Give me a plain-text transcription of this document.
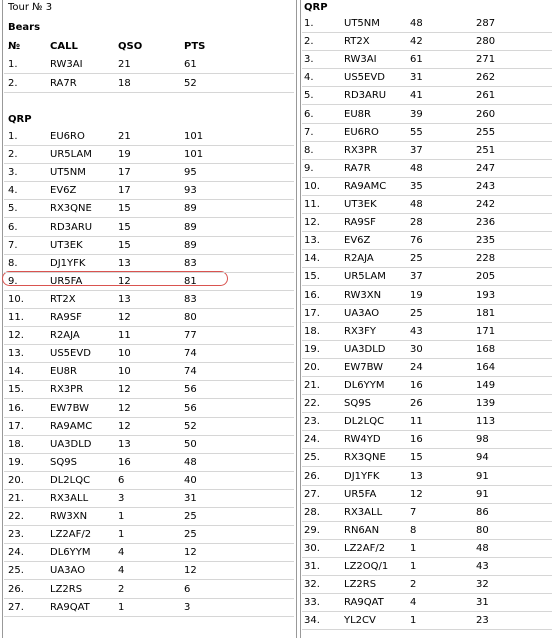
Tour № 3
Bears
№	CALL	QSO	PTS
1.	RW3AI	21	61
2.	RA7R	18	52
QRP
1.	EU6RO	21	101
2.	UR5LAM	19	101
3.	UT5NM	17	95
4.	EV6Z	17	93
5.	RX3QNE	15	89
6.	RD3ARU	15	89
7.	UT3EK	15	89
8.	DJ1YFK	13	83
9.	UR5FA	12	81
10.	RT2X	13	83
11.	RA9SF	12	80
12.	R2AJA	11	77
13.	US5EVD	10	74
14.	EU8R	10	74
15.	RX3PR	12	56
16.	EW7BW	12	56
17.	RA9AMC	12	52
18.	UA3DLD	13	50
19.	SQ9S	16	48
20.	DL2LQC	6	40
21.	RX3ALL	3	31
22.	RW3XN	1	25
23.	LZ2AF/2	1	25
24.	DL6YYM	4	12
25.	UA3AO	4	12
26.	LZ2RS	2	6
27.	RA9QAT	1	3
QRP
1.	UT5NM	48	287
2.	RT2X	42	280
3.	RW3AI	61	271
4.	US5EVD	31	262
5.	RD3ARU 41	261
6.	EU8R	39	260
7.	EU6RO	55	255
8.	RX3PR	37	251
9.	RA7R	48	247
10. RA9AMC 35	243
11. UT3EK	48	242
12. RA9SF	28	236
13. EV6Z	76	235
14. R2AJA	25	228
15. UR5LAM 37	205
16. RW3XN	19	193
17. UA3AO	25	181
18. RX3FY	43	171
19. UA3DLD 30	168
20. EW7BW	24	164
21. DL6YYM	16	149
22. SQ9S	26	139
23. DL2LQC	11	113
24. RW4YD	16	98
25. RX3QNE 15	94
26. DJ1YFK	13	91
27. UR5FA	12	91
28. RX3ALL	7	86
29. RN6AN	8	80
30. LZ2AF/2 1	48
31. LZ2OQ/1 1	43
32. LZ2RS	2	32
33. RA9QAT	4	31
34. YL2CV	1	23
